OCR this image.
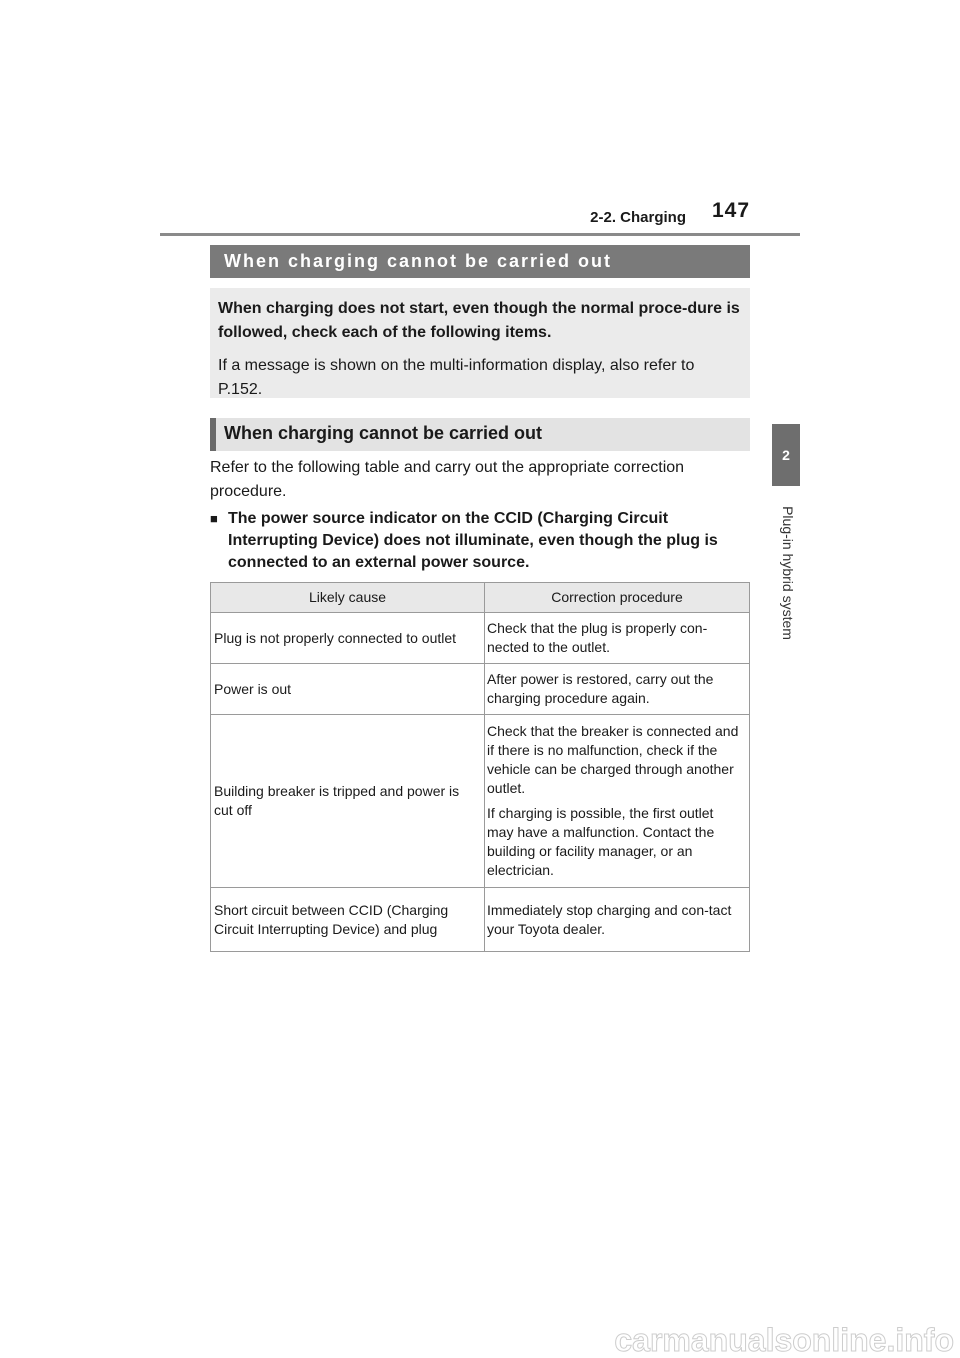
2-2. Charging 147
2
Plug-in hybrid system
When charging cannot be carried out

When charging does not start, even though the normal proce-dure is followed, check each of the following items.

If a message is shown on the multi-information display, also refer to P.152.

When charging cannot be carried out
Refer to the following table and carry out the appropriate correction procedure.
■ The power source indicator on the CCID (Charging Circuit Interrupting Device) does not illuminate, even though the plug is connected to an external power source.
Likely cause	Correction procedure
Plug is not properly connected to outlet	Check that the plug is properly con-nected to the outlet.

Power is out	After power is restored, carry out the charging procedure again.

Building breaker is tripped and power is cut off	Check that the breaker is connected and if there is no malfunction, check if the vehicle can be charged through another outlet.

If charging is possible, the first outlet may have a malfunction. Contact the building or facility manager, or an electrician.

Short circuit between CCID (Charging Circuit Interrupting Device) and plug	Immediately stop charging and con-tact your Toyota dealer.

carmanualsonline.info
